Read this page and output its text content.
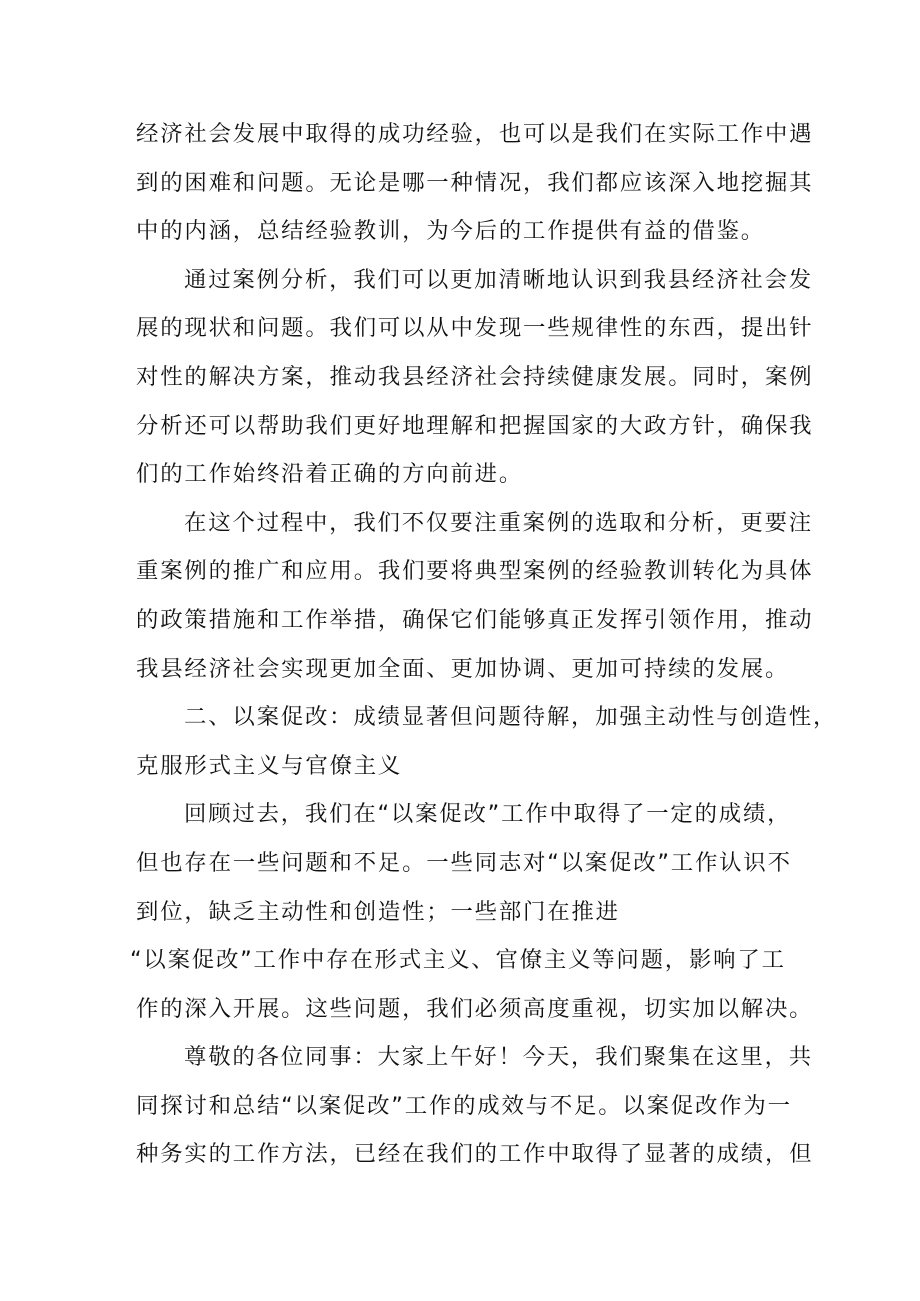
经济社会发展中取得的成功经验，也可以是我们在实际工作中遇
到的困难和问题。无论是哪一种情况，我们都应该深入地挖掘其
中的内涵，总结经验教训，为今后的工作提供有益的借鉴。
通过案例分析，我们可以更加清晰地认识到我县经济社会发
展的现状和问题。我们可以从中发现一些规律性的东西，提出针
对性的解决方案，推动我县经济社会持续健康发展。同时，案例
分析还可以帮助我们更好地理解和把握国家的大政方针，确保我
们的工作始终沿着正确的方向前进。
在这个过程中，我们不仅要注重案例的选取和分析，更要注
重案例的推广和应用。我们要将典型案例的经验教训转化为具体
的政策措施和工作举措，确保它们能够真正发挥引领作用，推动
我县经济社会实现更加全面、更加协调、更加可持续的发展。
二、以案促改：成绩显著但问题待解，加强主动性与创造性，
克服形式主义与官僚主义
回顾过去，我们在“以案促改”工作中取得了一定的成绩，
但也存在一些问题和不足。一些同志对“以案促改”工作认识不
到位，缺乏主动性和创造性；一些部门在推进
“以案促改”工作中存在形式主义、官僚主义等问题，影响了工
作的深入开展。这些问题，我们必须高度重视，切实加以解决。
尊敬的各位同事：大家上午好！今天，我们聚集在这里，共
同探讨和总结“以案促改”工作的成效与不足。以案促改作为一
种务实的工作方法，已经在我们的工作中取得了显著的成绩，但
